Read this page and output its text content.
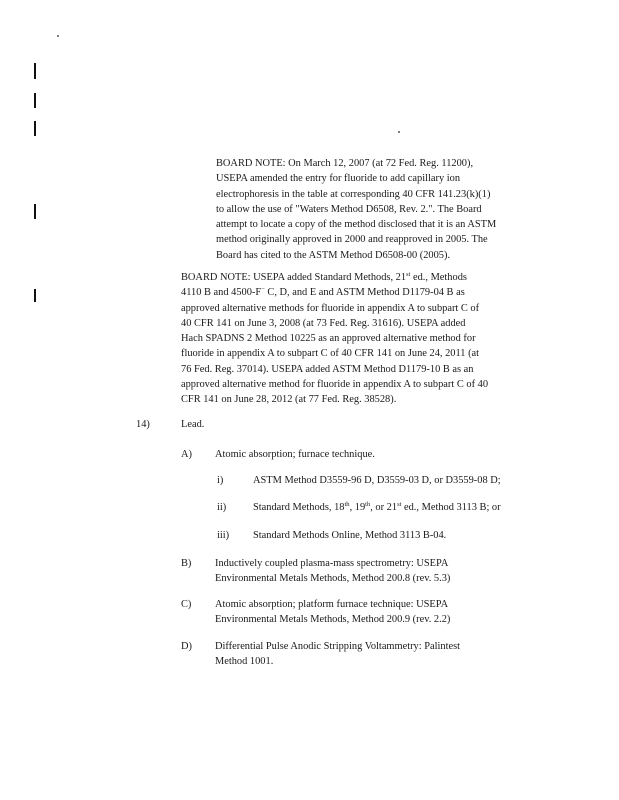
BOARD NOTE: On March 12, 2007 (at 72 Fed. Reg. 11200),
USEPA amended the entry for fluoride to add capillary ion
electrophoresis in the table at corresponding 40 CFR 141.23(k)(1)
to allow the use of "Waters Method D6508, Rev. 2.". The Board
attempt to locate a copy of the method disclosed that it is an ASTM
method originally approved in 2000 and reapproved in 2005. The
Board has cited to the ASTM Method D6508-00 (2005).
BOARD NOTE: USEPA added Standard Methods, 21st ed., Methods
4110 B and 4500-F− C, D, and E and ASTM Method D1179-04 B as
approved alternative methods for fluoride in appendix A to subpart C of
40 CFR 141 on June 3, 2008 (at 73 Fed. Reg. 31616). USEPA added
Hach SPADNS 2 Method 10225 as an approved alternative method for
fluoride in appendix A to subpart C of 40 CFR 141 on June 24, 2011 (at
76 Fed. Reg. 37014). USEPA added ASTM Method D1179-10 B as an
approved alternative method for fluoride in appendix A to subpart C of 40
CFR 141 on June 28, 2012 (at 77 Fed. Reg. 38528).
14)	Lead.
A) Atomic absorption; furnace technique.
i)	ASTM Method D3559-96 D, D3559-03 D, or D3559-08 D;
ii)	Standard Methods, 18th, 19th, or 21st ed., Method 3113 B; or
iii) Standard Methods Online, Method 3113 B-04.
B) Inductively coupled plasma-mass spectrometry: USEPA
Environmental Metals Methods, Method 200.8 (rev. 5.3)
C) Atomic absorption; platform furnace technique: USEPA
Environmental Metals Methods, Method 200.9 (rev. 2.2)
D) Differential Pulse Anodic Stripping Voltammetry: Palintest
Method 1001.
